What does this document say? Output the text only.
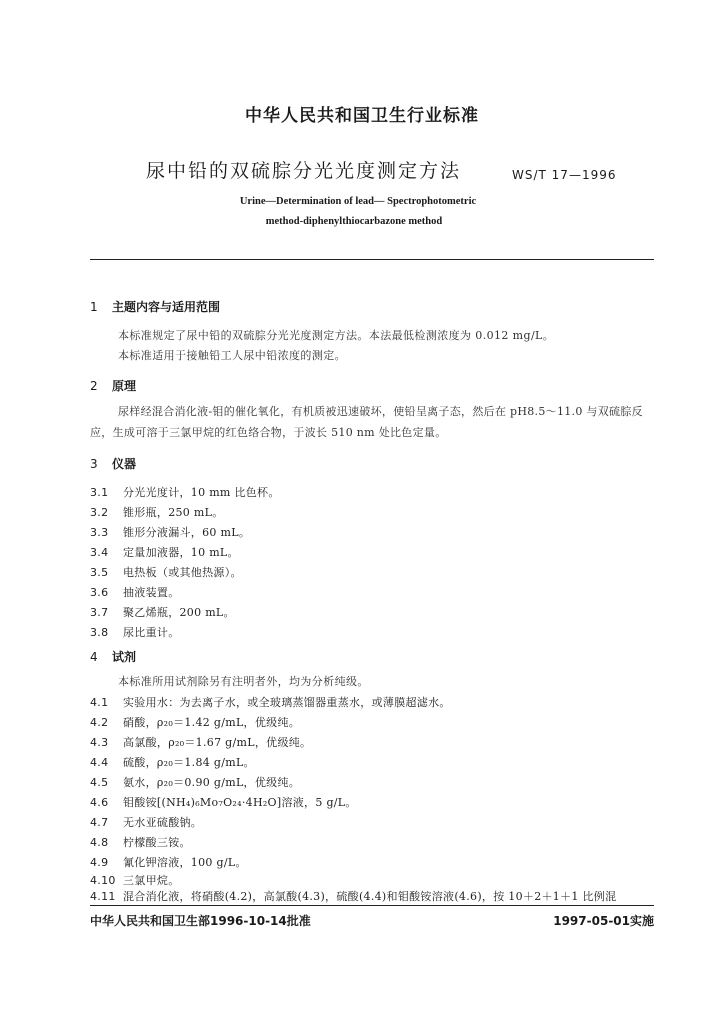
中华人民共和国卫生行业标准
尿中铅的双硫腙分光光度测定方法	WS/T 17—1996
Urine—Determination of lead— Spectrophotometric
method-diphenylthiocarbazone method
1 主题内容与适用范围
本标准规定了尿中铅的双硫腙分光光度测定方法。本法最低检测浓度为 0.012 mg/L。
本标准适用于接触铅工人尿中铅浓度的测定。
2 原理
尿样经混合消化液-钼的催化氧化，有机质被迅速破坏，使铅呈离子态，然后在 pH8.5～11.0 与双硫腙反应，生成可溶于三氯甲烷的红色络合物，于波长 510 nm 处比色定量。
3 仪器
3.1 分光光度计，10 mm 比色杯。
3.2 锥形瓶，250 mL。
3.3 锥形分液漏斗，60 mL。
3.4 定量加液器，10 mL。
3.5 电热板（或其他热源）。
3.6 抽液装置。
3.7 聚乙烯瓶，200 mL。
3.8 尿比重计。
4 试剂
本标准所用试剂除另有注明者外，均为分析纯级。
4.1 实验用水：为去离子水，或全玻璃蒸馏器重蒸水，或薄膜超滤水。
4.2 硝酸，ρ₂₀＝1.42 g/mL，优级纯。
4.3 高氯酸，ρ₂₀＝1.67 g/mL，优级纯。
4.4 硫酸，ρ₂₀＝1.84 g/mL。
4.5 氨水，ρ₂₀＝0.90 g/mL，优级纯。
4.6 钼酸铵[(NH₄)₆Mo₇O₂₄·4H₂O]溶液，5 g/L。
4.7 无水亚硫酸钠。
4.8 柠檬酸三铵。
4.9 氰化钾溶液，100 g/L。
4.10 三氯甲烷。
4.11 混合消化液，将硝酸(4.2)，高氯酸(4.3)，硫酸(4.4)和钼酸铵溶液(4.6)，按 10＋2＋1＋1 比例混
中华人民共和国卫生部1996-10-14批准	1997-05-01实施
